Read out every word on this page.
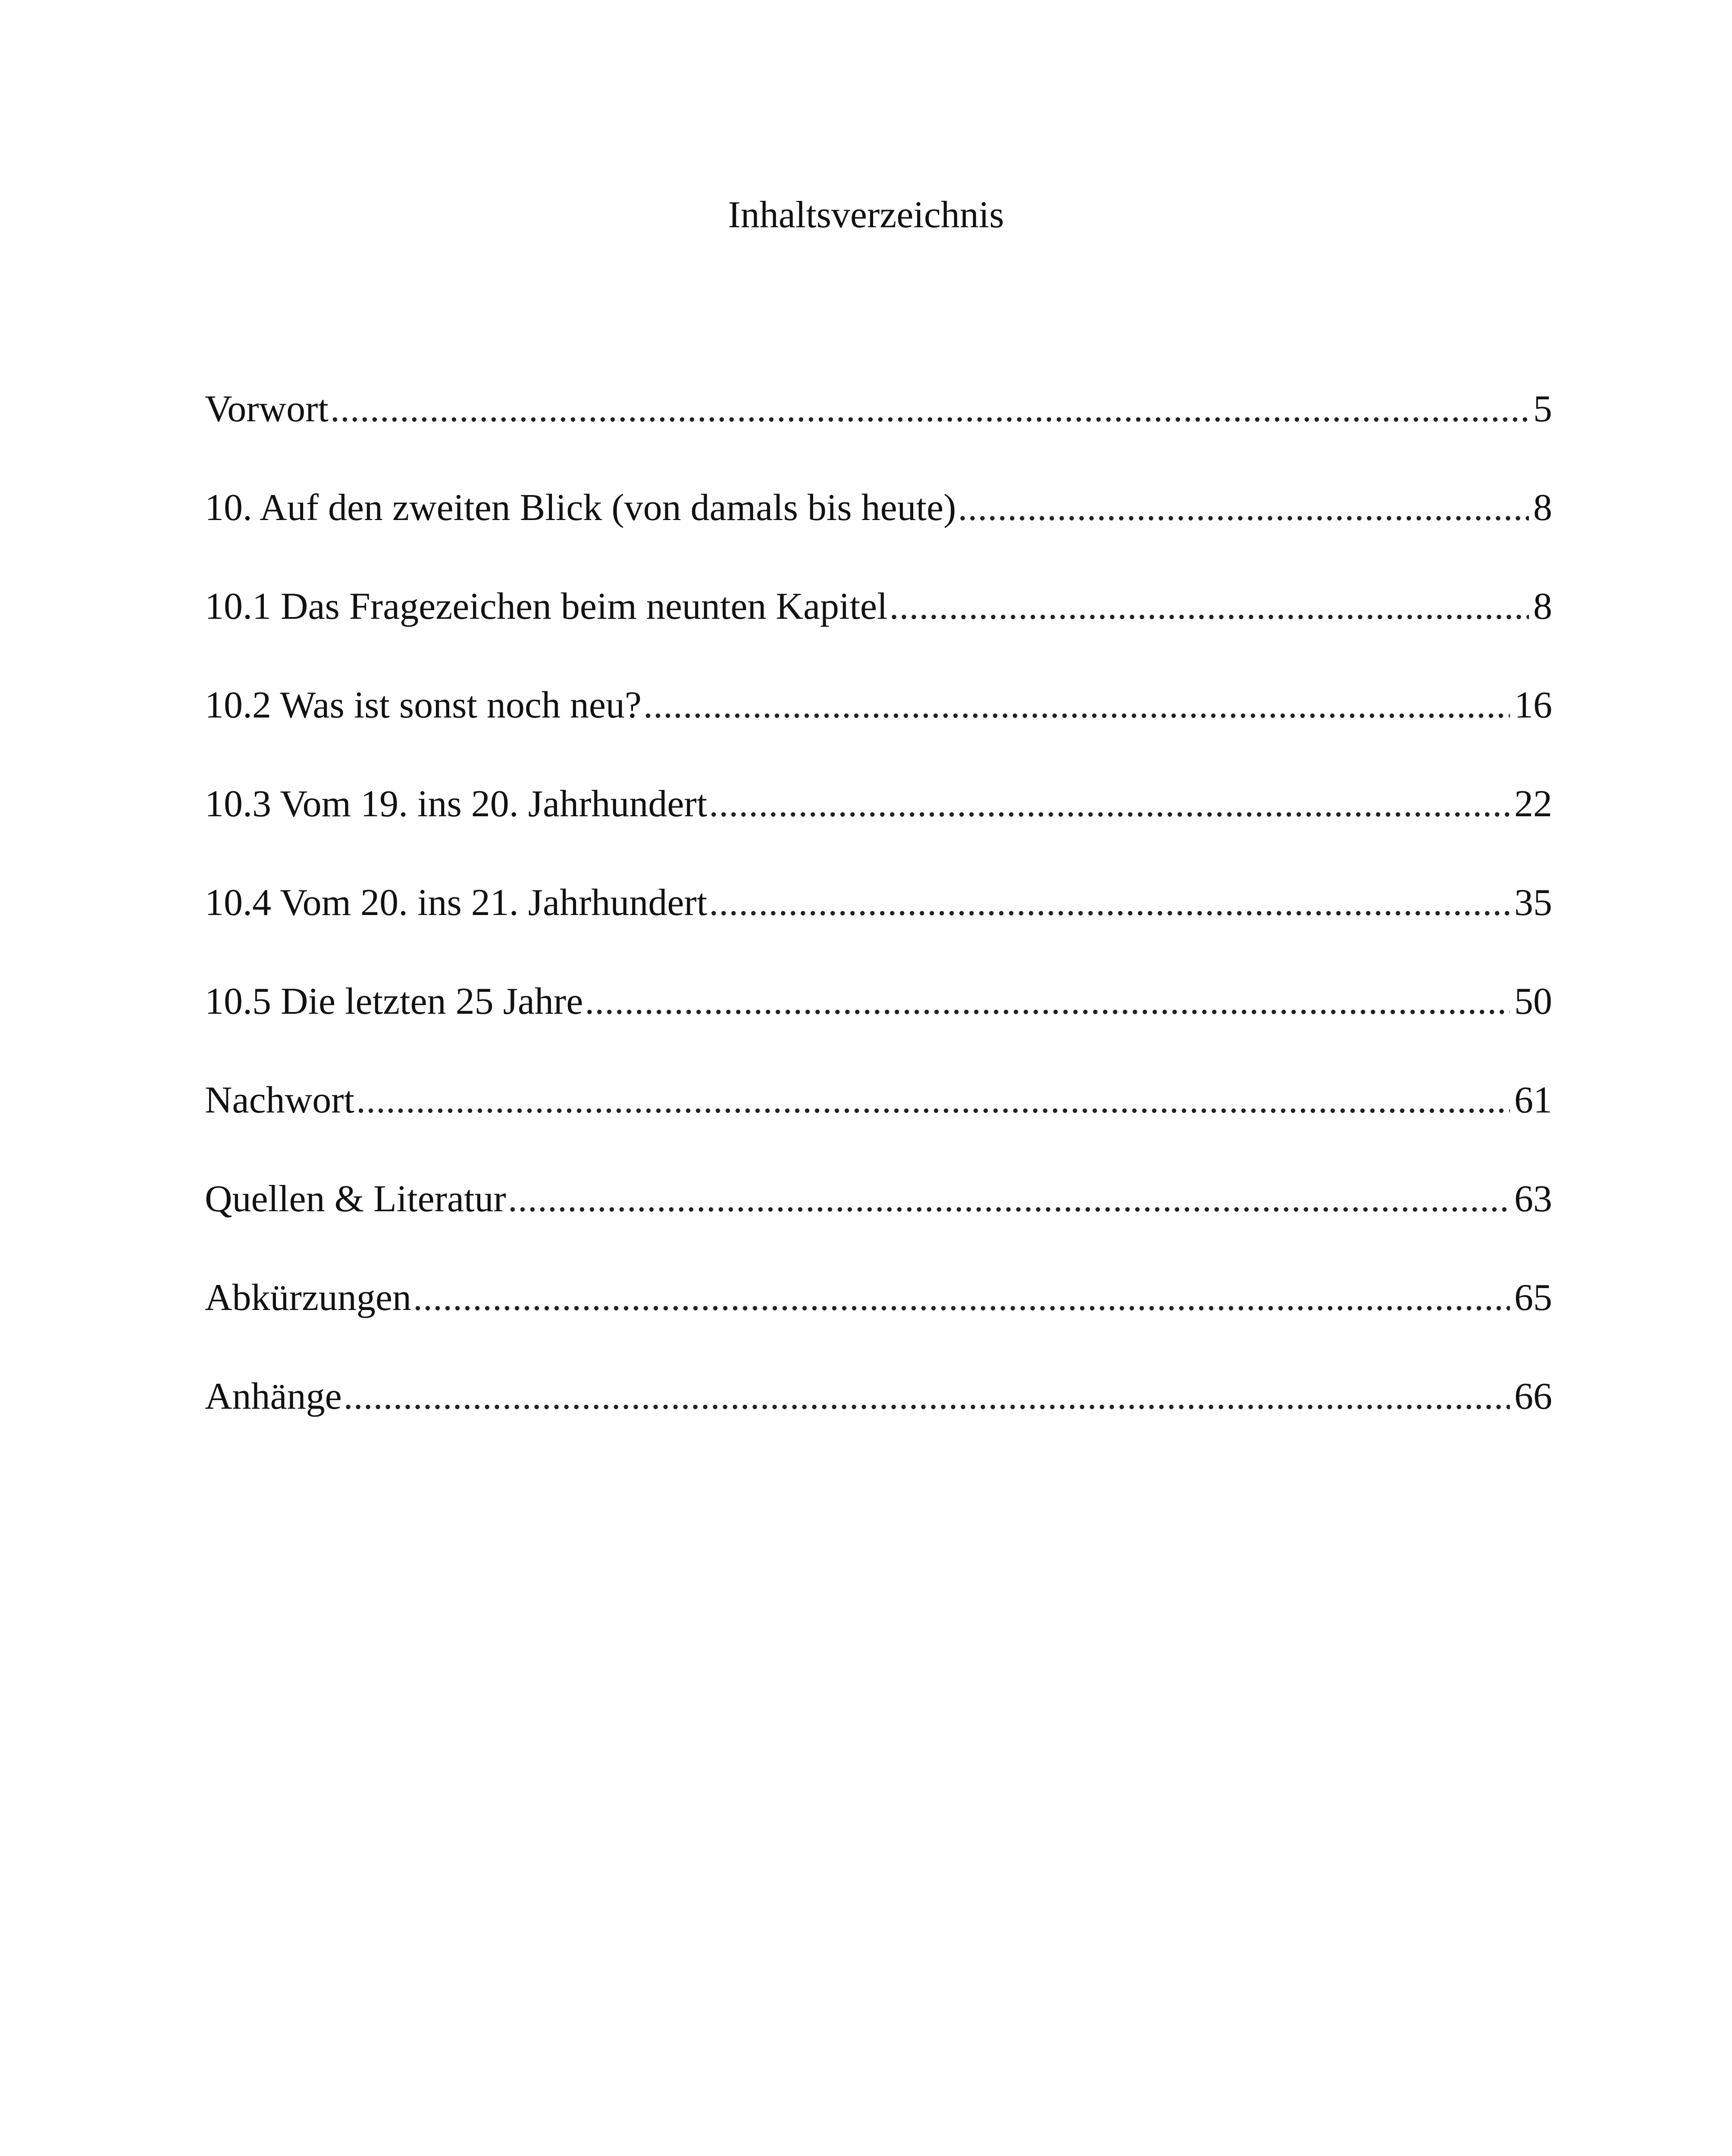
Inhaltsverzeichnis
Vorwort .....	5
10. Auf den zweiten Blick (von damals bis heute) .....	8
10.1 Das Fragezeichen beim neunten Kapitel .....	8
10.2 Was ist sonst noch neu? .....	16
10.3 Vom 19. ins 20. Jahrhundert .....	22
10.4 Vom 20. ins 21. Jahrhundert .....	35
10.5 Die letzten 25 Jahre .....	50
Nachwort .....	61
Quellen & Literatur .....	63
Abkürzungen .....	65
Anhänge .....	66
